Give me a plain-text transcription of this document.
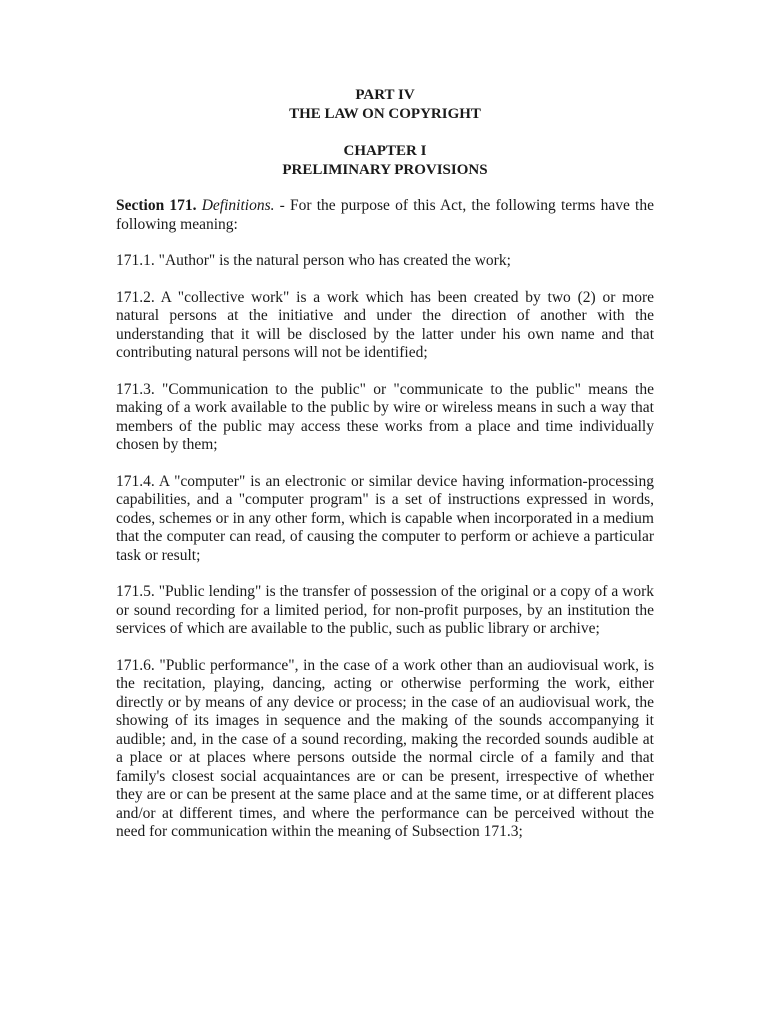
PART IV
THE LAW ON COPYRIGHT
CHAPTER I
PRELIMINARY PROVISIONS

Section 171. Definitions. - For the purpose of this Act, the following terms have the following meaning:

171.1. "Author" is the natural person who has created the work;

171.2. A "collective work" is a work which has been created by two (2) or more natural persons at the initiative and under the direction of another with the understanding that it will be disclosed by the latter under his own name and that contributing natural persons will not be identified;

171.3. "Communication to the public" or "communicate to the public" means the making of a work available to the public by wire or wireless means in such a way that members of the public may access these works from a place and time individually chosen by them;

171.4. A "computer" is an electronic or similar device having information-processing capabilities, and a "computer program" is a set of instructions expressed in words, codes, schemes or in any other form, which is capable when incorporated in a medium that the computer can read, of causing the computer to perform or achieve a particular task or result;

171.5. "Public lending" is the transfer of possession of the original or a copy of a work or sound recording for a limited period, for non-profit purposes, by an institution the services of which are available to the public, such as public library or archive;

171.6. "Public performance", in the case of a work other than an audiovisual work, is the recitation, playing, dancing, acting or otherwise performing the work, either directly or by means of any device or process; in the case of an audiovisual work, the showing of its images in sequence and the making of the sounds accompanying it audible; and, in the case of a sound recording, making the recorded sounds audible at a place or at places where persons outside the normal circle of a family and that family's closest social acquaintances are or can be present, irrespective of whether they are or can be present at the same place and at the same time, or at different places and/or at different times, and where the performance can be perceived without the need for communication within the meaning of Subsection 171.3;
